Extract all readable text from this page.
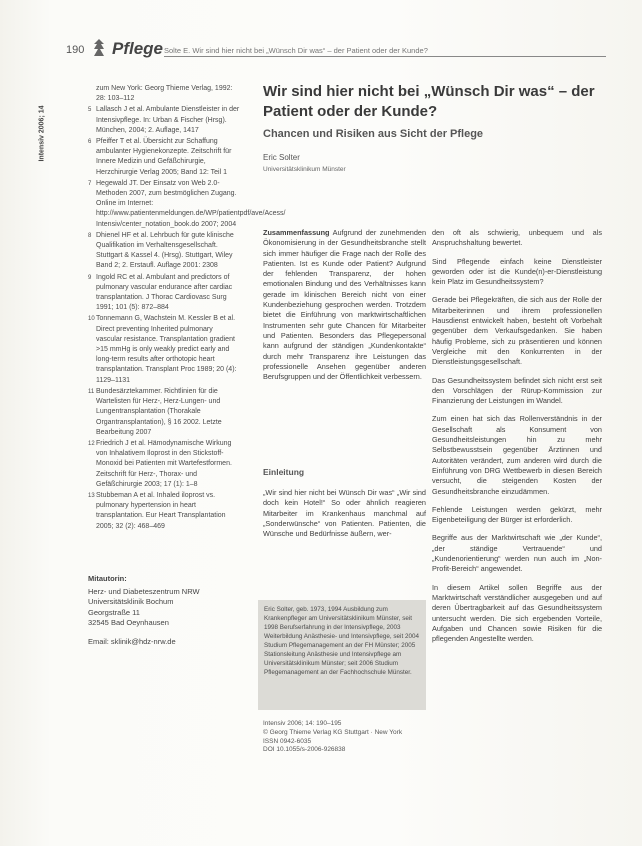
190 Pflege Solte E. Wir sind hier nicht bei „Wünsch Dir was“ – der Patient oder der Kunde?
Intensiv 2006; 14
zum New York: Georg Thieme Verlag, 1992: 28: 103–112
5 Lallasch J et al. Ambulante Dienstleister in der Intensivpflege. In: Urban & Fischer (Hrsg). München, 2004; 2. Auflage, 1417
6 Pfeiffer T et al. Übersicht zur Schaffung ambulanter Hygienekonzepte. Zeitschrift für Innere Medizin und Gefäßchirurgie, Herzchirurgie Verlag 2005; Band 12: Teil 1
7 Hegewald JT. Der Einsatz von Web 2.0-Methoden 2007, zum bestmöglichen Zugang. Online im Internet: http://www.patientenmeldungen.de/WP/patientpdf/ave/Acess/ Intensiv/center_notation_book.do 2007; 2004
8 Dhienel HF et al. Lehrbuch für gute klinische Qualifikation im Verhaltensgesellschaft. Stuttgart & Kassel 4. (Hrsg). Stuttgart, Wiley Band 2; 2. Erstaufl. Auflage 2001: 2308
9 Ingold RC et al. Ambulant and predictors of pulmonary vascular endurance after cardiac transplantation. J Thorac Cardiovasc Surg 1991; 101 (5): 872–884
10 Tonnemann G, Wachstein M. Kessler B et al. Direct preventing Inherited pulmonary vascular resistance. Transplantation gradient >15 mmHg is only weakly predict early and long-term results after orthotopic heart transplantation. Transplant Proc 1989; 20 (4): 1129–1131
11 Bundesärztekammer. Richtlinien für die Wartelisten für Herz-, Herz-Lungen- und Lungentransplantation (Thorakale Organtransplantation), § 16 2002. Letzte Bearbeitung 2007
12 Friedrich J et al. Hämodynamische Wirkung von Inhalativem Iloprost in den Stickstoff-Monoxid bei Patienten mit Wartefestformen. Zeitschrift für Herz-, Thorax- und Gefäßchirurgie 2003; 17 (1): 1–8
13 Stubbeman A et al. Inhaled iloprost vs. pulmonary hypertension in heart transplantation. Eur Heart Transplantation 2005; 32 (2): 468–469
Mitautorin:
Herz- und Diabeteszentrum NRW
Universitätsklinik Bochum
Georgstraße 11
32545 Bad Oeynhausen
Email: sklinik@hdz-nrw.de
Wir sind hier nicht bei „Wünsch Dir was“ – der Patient oder der Kunde?
Chancen und Risiken aus Sicht der Pflege
Eric Solter
Universitätsklinikum Münster

Zusammenfassung Aufgrund der zunehmenden Ökonomisierung in der Gesundheitsbranche stellt sich immer häufiger die Frage nach der Rolle des Patienten. Ist es Kunde oder Patient? Aufgrund der fehlenden Transparenz, der hohen emotionalen Bindung und des Verhältnisses kann gerade im klinischen Bereich nicht von einer Kundenbeziehung gesprochen werden. Trotzdem bietet die Einführung von marktwirtschaftlichen Instrumenten sehr gute Chancen für Mitarbeiter und Patienten. Besonders das Pflegepersonal kann aufgrund der ständigen „Kundenkontakte“ durch mehr Transparenz ihre Leistungen das professionelle Ansehen gegenüber anderen Berufsgruppen und der Öffentlichkeit verbessern.

Einleitung
„Wir sind hier nicht bei Wünsch Dir was“ „Wir sind doch kein Hotel!“ So oder ähnlich reagieren Mitarbeiter im Krankenhaus manchmal auf „Sonderwünsche“ von Patienten. Patienten, die Wünsche und Bedürfnisse äußern, wer-
Eric Solter, geb. 1973, 1994 Ausbildung zum Krankenpfleger am Universitätsklinikum Münster, seit 1998 Berufserfahrung in der Intensivpflege, 2003 Weiterbildung Anästhesie- und Intensivpflege, seit 2004 Studium Pflegemanagement an der FH Münster; 2005 Stationsleitung Anästhesie und Intensivpflege am Universitätsklinikum Münster; seit 2006 Studium Pflegemanagement an der Fachhochschule Münster.
Intensiv 2006; 14: 190–195
© Georg Thieme Verlag KG Stuttgart · New York
ISSN 0942-6035
DOI 10.1055/s-2006-926838

den oft als schwierig, unbequem und als Anspruchshaltung bewertet.

Sind Pflegende einfach keine Dienstleister geworden oder ist die Kunde(n)-er-Dienstleistung kein Platz im Gesundheitssystem?

Gerade bei Pflegekräften, die sich aus der Rolle der Mitarbeiterinnen und ihrem professionellen Hausdienst entwickelt haben, besteht oft Vorbehalt gegenüber dem Verkaufsgedanken. Sie haben häufig Probleme, sich zu präsentieren und können Vergleiche mit den Konkurrenten in der Dienstleistungsgesellschaft.

Das Gesundheitssystem befindet sich nicht erst seit den Vorschlägen der Rürup-Kommission zur Finanzierung der Leistungen im Wandel.

Zum einen hat sich das Rollenverständnis in der Gesellschaft als Konsument von Gesundheitsleistungen hin zu mehr Selbstbewusstsein gegenüber Ärztinnen und Autoritäten verändert, zum anderen wird durch die Einführung von DRG Wettbewerb in diesen Bereich versucht, die steigenden Kosten der Gesundheitsbranche einzudämmen.

Fehlende Leistungen werden gekürzt, mehr Eigenbeteiligung der Bürger ist erforderlich.

Begriffe aus der Marktwirtschaft wie „der Kunde“, „der ständige Vertrauende“ und „Kundenorientierung“ werden nun auch im „Non-Profit-Bereich“ angewendet.

In diesem Artikel sollen Begriffe aus der Marktwirtschaft verständlicher ausgegeben und auf deren Übertragbarkeit auf das Gesundheitssystem untersucht werden. Die sich ergebenden Vorteile, Aufgaben und Chancen sowie Risiken für die pflegenden Angestellte werden.
